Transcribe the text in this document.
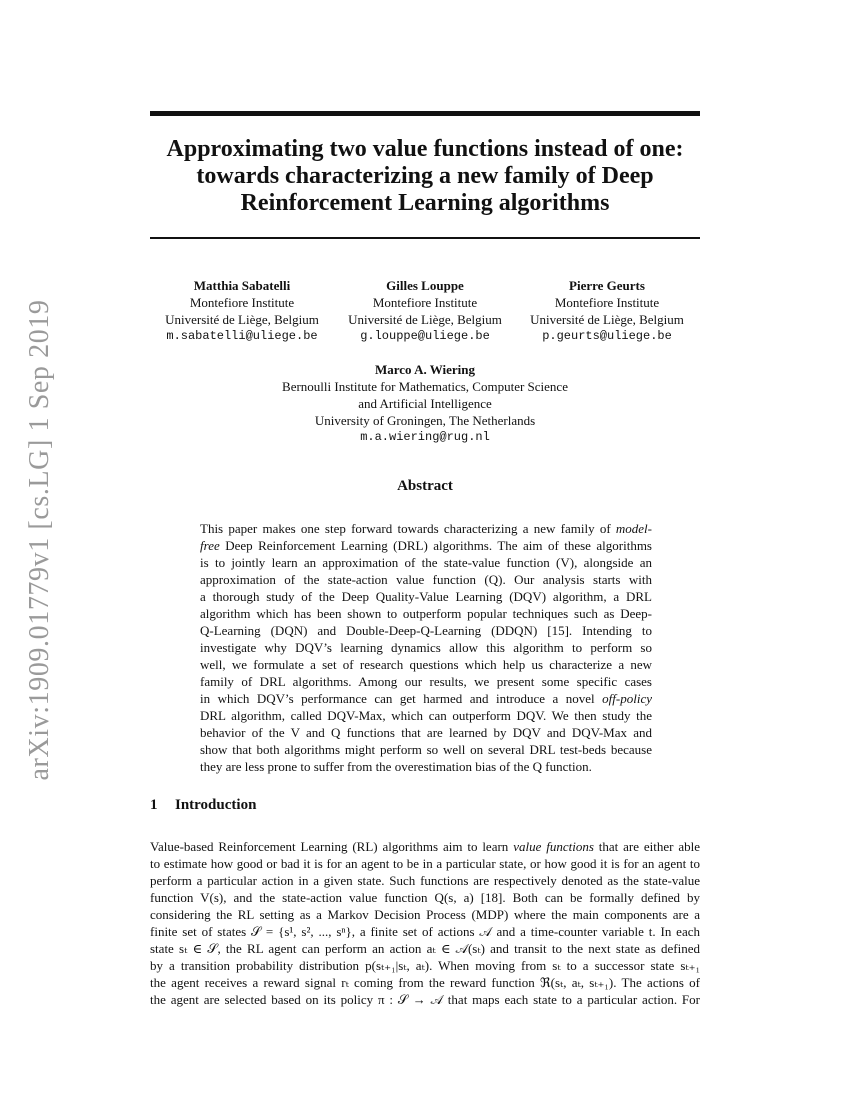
arXiv:1909.01779v1 [cs.LG] 1 Sep 2019
Approximating two value functions instead of one:
towards characterizing a new family of Deep
Reinforcement Learning algorithms
Matthia Sabatelli
Montefiore Institute
Université de Liège, Belgium
m.sabatelli@uliege.be
Gilles Louppe
Montefiore Institute
Université de Liège, Belgium
g.louppe@uliege.be
Pierre Geurts
Montefiore Institute
Université de Liège, Belgium
p.geurts@uliege.be
Marco A. Wiering
Bernoulli Institute for Mathematics, Computer Science
and Artificial Intelligence
University of Groningen, The Netherlands
m.a.wiering@rug.nl
Abstract
This paper makes one step forward towards characterizing a new family of model-
free Deep Reinforcement Learning (DRL) algorithms. The aim of these algorithms
is to jointly learn an approximation of the state-value function (V), alongside an
approximation of the state-action value function (Q). Our analysis starts with
a thorough study of the Deep Quality-Value Learning (DQV) algorithm, a DRL
algorithm which has been shown to outperform popular techniques such as Deep-
Q-Learning (DQN) and Double-Deep-Q-Learning (DDQN) [15]. Intending to
investigate why DQV’s learning dynamics allow this algorithm to perform so
well, we formulate a set of research questions which help us characterize a new
family of DRL algorithms. Among our results, we present some specific cases
in which DQV’s performance can get harmed and introduce a novel off-policy
DRL algorithm, called DQV-Max, which can outperform DQV. We then study the
behavior of the V and Q functions that are learned by DQV and DQV-Max and
show that both algorithms might perform so well on several DRL test-beds because
they are less prone to suffer from the overestimation bias of the Q function.
1 Introduction
Value-based Reinforcement Learning (RL) algorithms aim to learn value functions that are either able
to estimate how good or bad it is for an agent to be in a particular state, or how good it is for an agent to
perform a particular action in a given state. Such functions are respectively denoted as the state-value
function V(s), and the state-action value function Q(s, a) [18]. Both can be formally defined by
considering the RL setting as a Markov Decision Process (MDP) where the main components are a
finite set of states 𝒮 = {s¹, s², ..., sⁿ}, a finite set of actions 𝒜 and a time-counter variable t. In each
state sₜ ∈ 𝒮, the RL agent can perform an action aₜ ∈ 𝒜(sₜ) and transit to the next state as defined
by a transition probability distribution p(sₜ₊₁|sₜ, aₜ). When moving from sₜ to a successor state sₜ₊₁
the agent receives a reward signal rₜ coming from the reward function ℜ(sₜ, aₜ, sₜ₊₁). The actions of
the agent are selected based on its policy π : 𝒮 → 𝒜 that maps each state to a particular action. For
